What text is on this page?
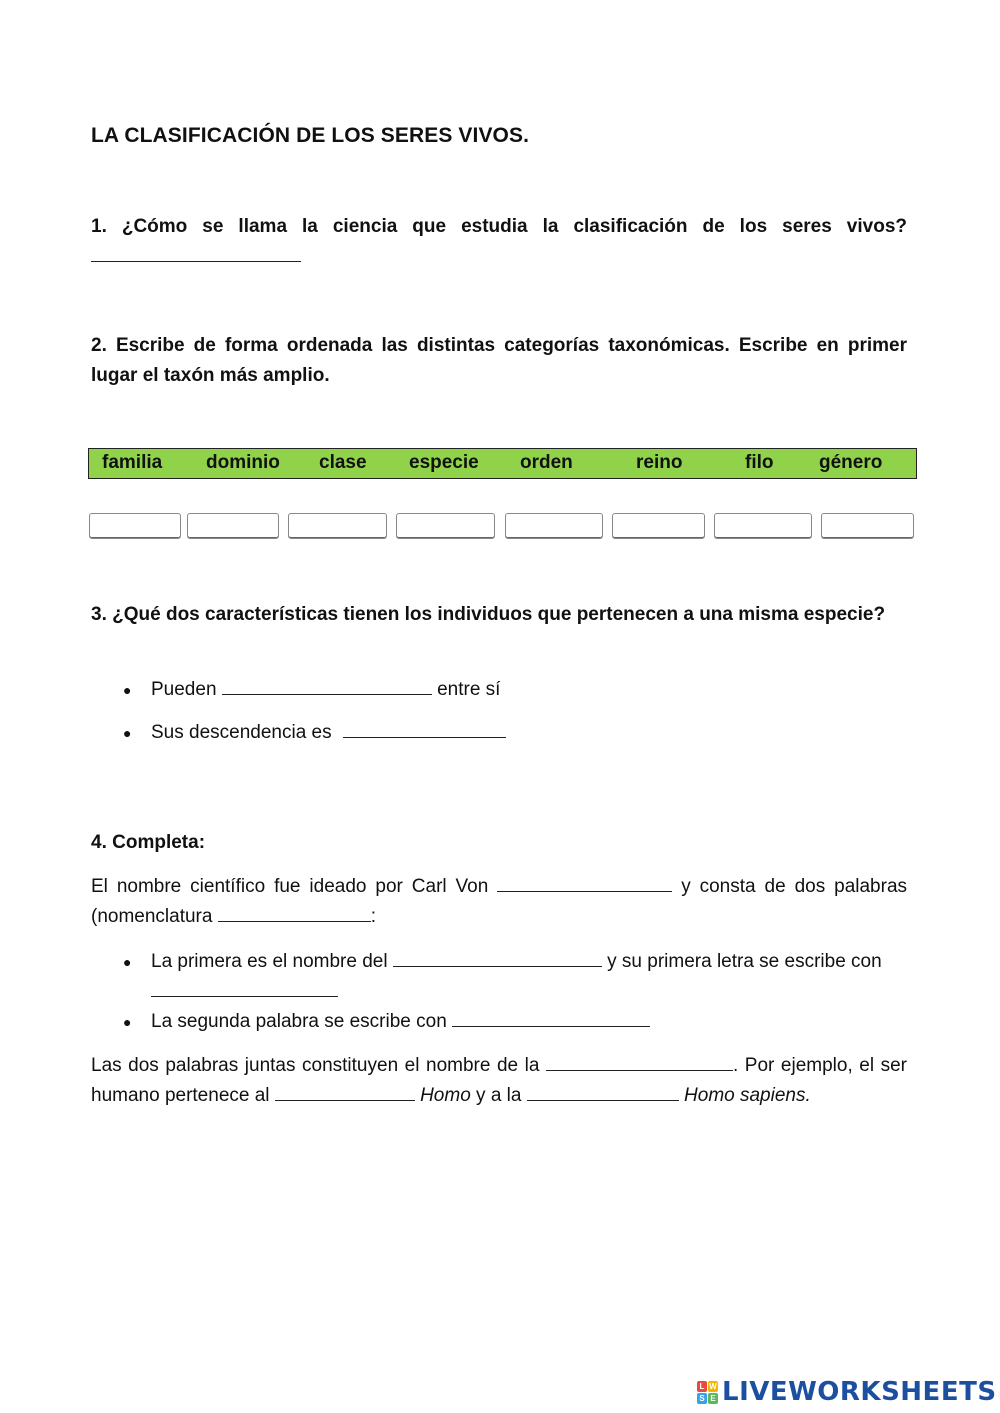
LA CLASIFICACIÓN DE LOS SERES VIVOS.
1. ¿Cómo se llama la ciencia que estudia la clasificación de los seres vivos?
2. Escribe de forma ordenada las distintas categorías taxonómicas. Escribe en primer lugar el taxón más amplio.
familia dominio clase especie orden	reino	filo género
3. ¿Qué dos características tienen los individuos que pertenecen a una misma especie?
● Pueden	entre sí
● Sus descendencia es
4. Completa:
El nombre científico fue ideado por Carl Von	y consta de dos palabras (nomenclatura	:
● La primera es el nombre del	y su primera letra se escribe con
● La segunda palabra se escribe con
Las dos palabras juntas constituyen el nombre de la	. Por ejemplo, el ser humano pertenece al	Homo y a la	Homo sapiens.
L W
S E LIVEWORKSHEETS
